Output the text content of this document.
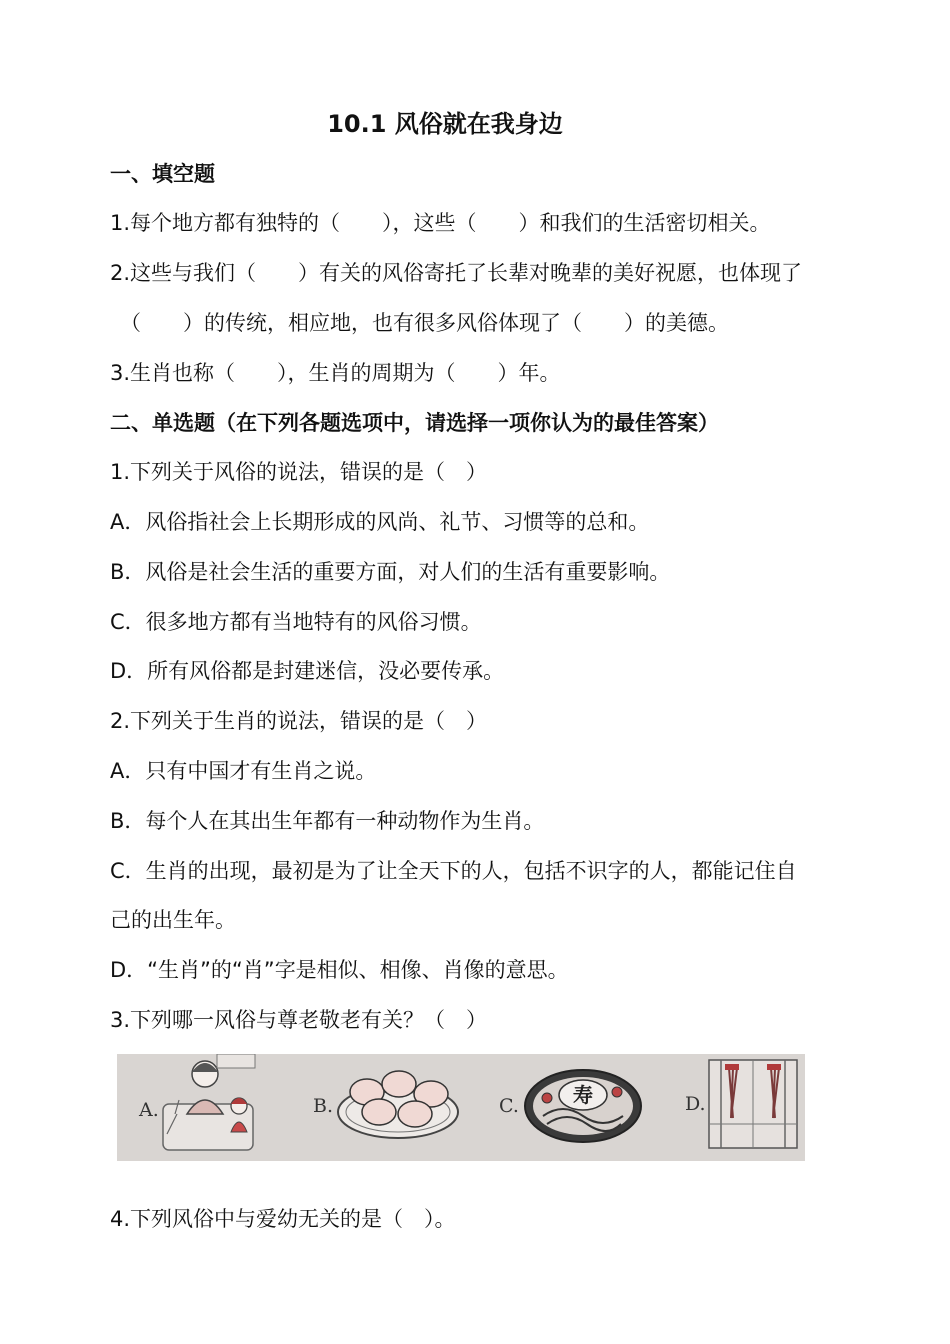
10.1 风俗就在我身边
一、填空题
1.每个地方都有独特的（　　），这些（　　）和我们的生活密切相关。
2.这些与我们（　　）有关的风俗寄托了长辈对晚辈的美好祝愿，也体现了
（　　）的传统，相应地，也有很多风俗体现了（　　）的美德。
3.生肖也称（　　），生肖的周期为（　　）年。
二、单选题（在下列各题选项中，请选择一项你认为的最佳答案）
1.下列关于风俗的说法，错误的是（　）
A．风俗指社会上长期形成的风尚、礼节、习惯等的总和。
B．风俗是社会生活的重要方面，对人们的生活有重要影响。
C．很多地方都有当地特有的风俗习惯。
D．所有风俗都是封建迷信，没必要传承。
2.下列关于生肖的说法，错误的是（　）
A．只有中国才有生肖之说。
B．每个人在其出生年都有一种动物作为生肖。
C．生肖的出现，最初是为了让全天下的人，包括不识字的人，都能记住自
己的出生年。
D．“生肖”的“肖”字是相似、相像、肖像的意思。
3.下列哪一风俗与尊老敬老有关？（　）
A.	B.	C.	寿	D.
4.下列风俗中与爱幼无关的是（　）。
